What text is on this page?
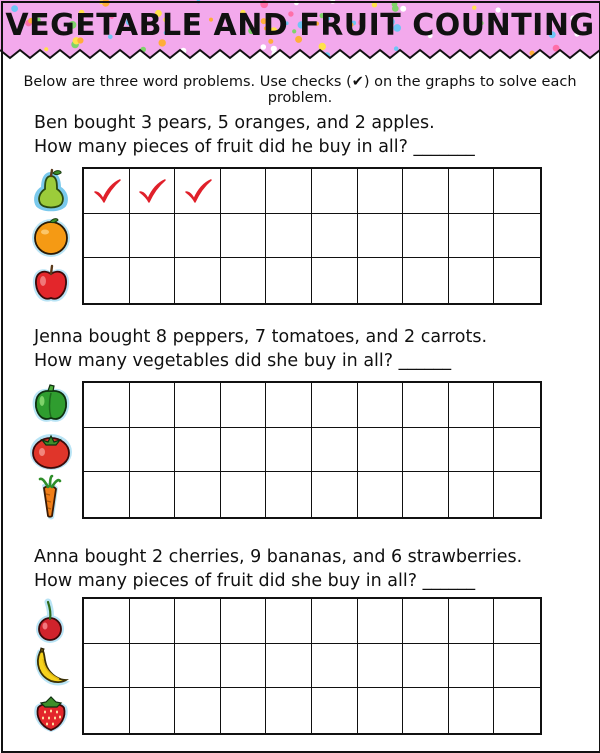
VEGETABLE AND FRUIT COUNTING
Below are three word problems. Use checks (✔) on the graphs to solve each problem.
Ben bought 3 pears, 5 oranges, and 2 apples.
How many pieces of fruit did he buy in all? _______
Jenna bought 8 peppers, 7 tomatoes, and 2 carrots.
How many vegetables did she buy in all? ______
Anna bought 2 cherries, 9 bananas, and 6 strawberries.
How many pieces of fruit did she buy in all? ______
